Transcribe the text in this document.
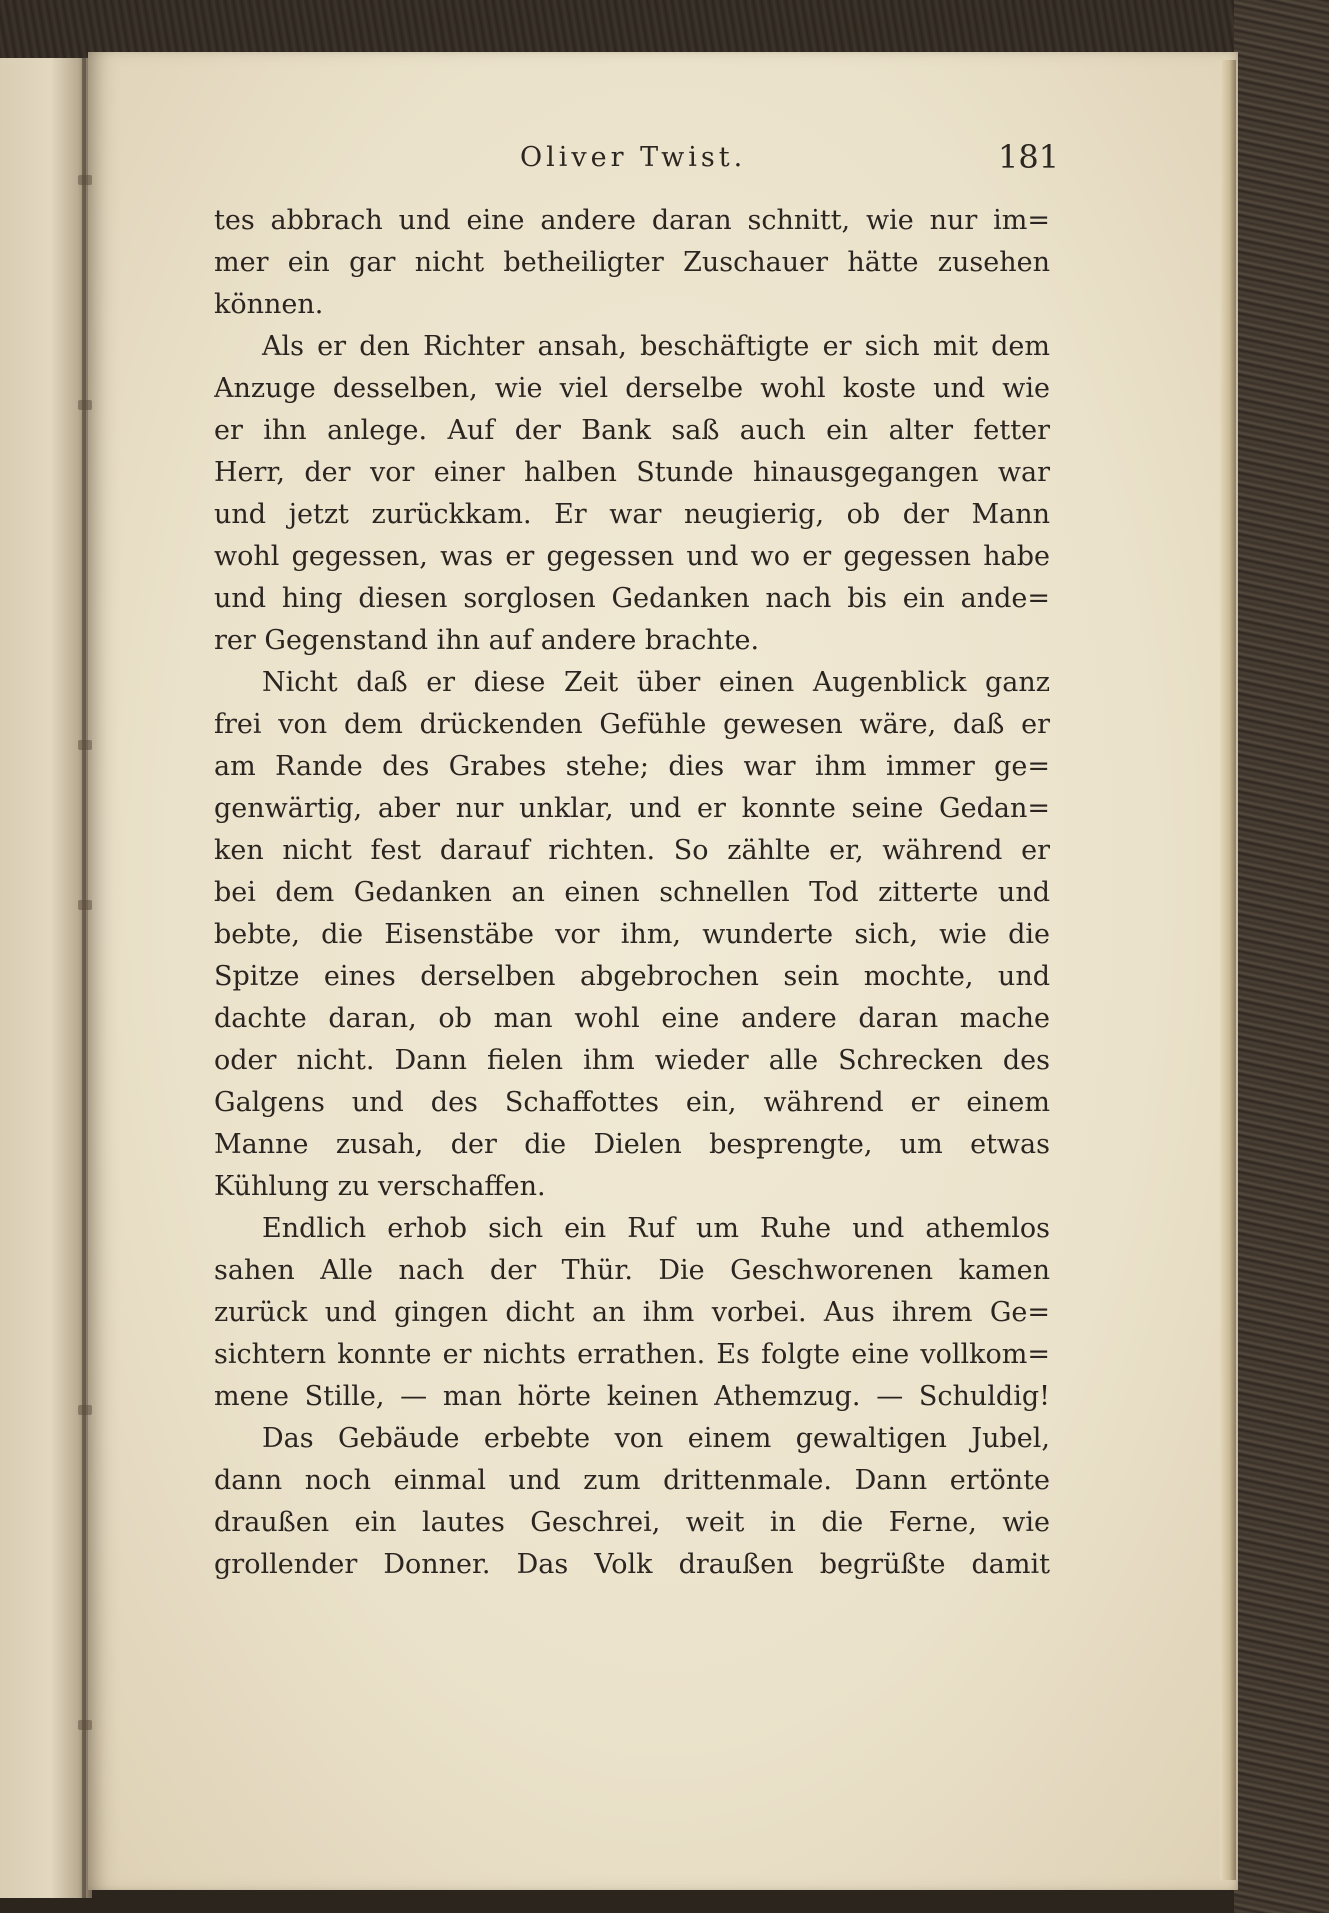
Oliver Twist.	181
tes abbrach und eine andere daran schnitt, wie nur im=
mer ein gar nicht betheiligter Zuschauer hätte zusehen
können.
Als er den Richter ansah, beschäftigte er sich mit dem
Anzuge desselben, wie viel derselbe wohl koste und wie
er ihn anlege. Auf der Bank saß auch ein alter fetter
Herr, der vor einer halben Stunde hinausgegangen war
und jetzt zurückkam. Er war neugierig, ob der Mann
wohl gegessen, was er gegessen und wo er gegessen habe
und hing diesen sorglosen Gedanken nach bis ein ande=
rer Gegenstand ihn auf andere brachte.
Nicht daß er diese Zeit über einen Augenblick ganz
frei von dem drückenden Gefühle gewesen wäre, daß er
am Rande des Grabes stehe; dies war ihm immer ge=
genwärtig, aber nur unklar, und er konnte seine Gedan=
ken nicht fest darauf richten. So zählte er, während er
bei dem Gedanken an einen schnellen Tod zitterte und
bebte, die Eisenstäbe vor ihm, wunderte sich, wie die
Spitze eines derselben abgebrochen sein mochte, und
dachte daran, ob man wohl eine andere daran mache
oder nicht. Dann fielen ihm wieder alle Schrecken des
Galgens und des Schaffottes ein, während er einem
Manne zusah, der die Dielen besprengte, um etwas
Kühlung zu verschaffen.
Endlich erhob sich ein Ruf um Ruhe und athemlos
sahen Alle nach der Thür. Die Geschworenen kamen
zurück und gingen dicht an ihm vorbei. Aus ihrem Ge=
sichtern konnte er nichts errathen. Es folgte eine vollkom=
mene Stille, — man hörte keinen Athemzug. — Schuldig!
Das Gebäude erbebte von einem gewaltigen Jubel,
dann noch einmal und zum drittenmale. Dann ertönte
draußen ein lautes Geschrei, weit in die Ferne, wie
grollender Donner. Das Volk draußen begrüßte damit
